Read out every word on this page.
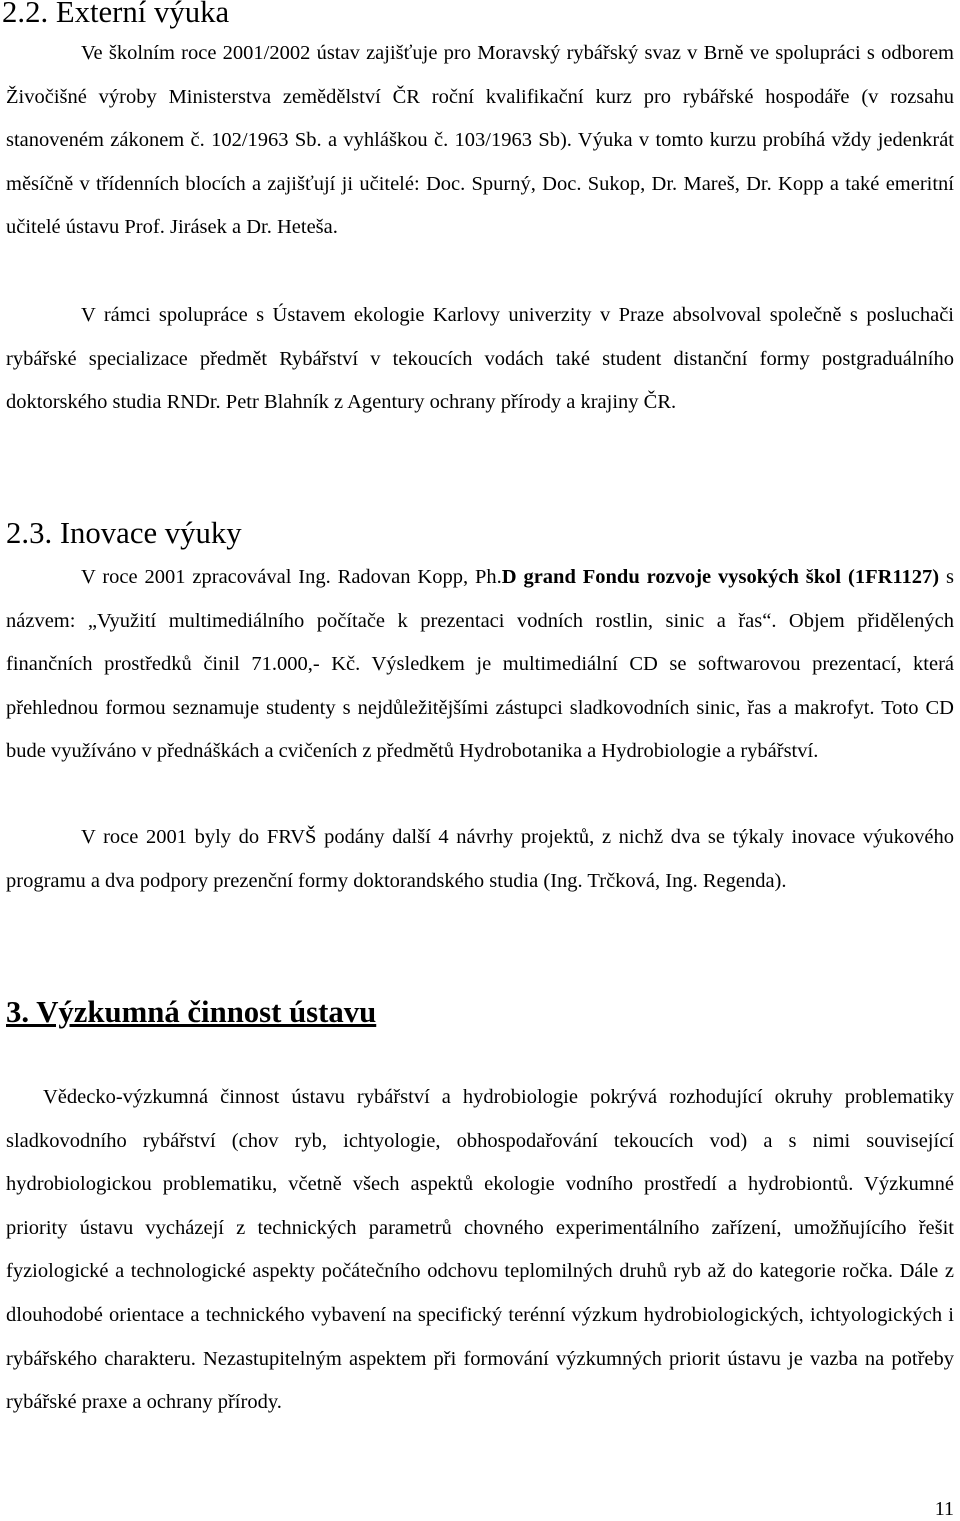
2.2. Externí výuka

Ve školním roce 2001/2002 ústav zajišťuje pro Moravský rybářský svaz v Brně ve spolupráci s odborem Živočišné výroby Ministerstva zemědělství ČR roční kvalifikační kurz pro rybářské hospodáře (v rozsahu stanoveném zákonem č. 102/1963 Sb. a vyhláškou č. 103/1963 Sb). Výuka v tomto kurzu probíhá vždy jedenkrát měsíčně v třídenních blocích a zajišťují ji učitelé: Doc. Spurný, Doc. Sukop, Dr. Mareš, Dr. Kopp a také emeritní učitelé ústavu Prof. Jirásek a Dr. Heteša.

V rámci spolupráce s Ústavem ekologie Karlovy univerzity v Praze absolvoval společně s posluchači rybářské specializace předmět Rybářství v tekoucích vodách také student distanční formy postgraduálního doktorského studia RNDr. Petr Blahník z Agentury ochrany přírody a krajiny ČR.

2.3. Inovace výuky

V roce 2001 zpracovával Ing. Radovan Kopp, Ph.D grand Fondu rozvoje vysokých škol (1FR1127) s názvem: „Využití multimediálního počítače k prezentaci vodních rostlin, sinic a řas“. Objem přidělených finančních prostředků činil 71.000,- Kč. Výsledkem je multimediální CD se softwarovou prezentací, která přehlednou formou seznamuje studenty s nejdůležitějšími zástupci sladkovodních sinic, řas a makrofyt. Toto CD bude využíváno v přednáškách a cvičeních z předmětů Hydrobotanika a Hydrobiologie a rybářství.

V roce 2001 byly do FRVŠ podány další 4 návrhy projektů, z nichž dva se týkaly inovace výukového programu a dva podpory prezenční formy doktorandského studia (Ing. Trčková, Ing. Regenda).

3. Výzkumná činnost ústavu

Vědecko-výzkumná činnost ústavu rybářství a hydrobiologie pokrývá rozhodující okruhy problematiky sladkovodního rybářství (chov ryb, ichtyologie, obhospodařování tekoucích vod) a s nimi související hydrobiologickou problematiku, včetně všech aspektů ekologie vodního prostředí a hydrobiontů. Výzkumné priority ústavu vycházejí z technických parametrů chovného experimentálního zařízení, umožňujícího řešit fyziologické a technologické aspekty počátečního odchovu teplomilných druhů ryb až do kategorie ročka. Dále z dlouhodobé orientace a technického vybavení na specifický terénní výzkum hydrobiologických, ichtyologických i rybářského charakteru. Nezastupitelným aspektem při formování výzkumných priorit ústavu je vazba na potřeby rybářské praxe a ochrany přírody.

11
